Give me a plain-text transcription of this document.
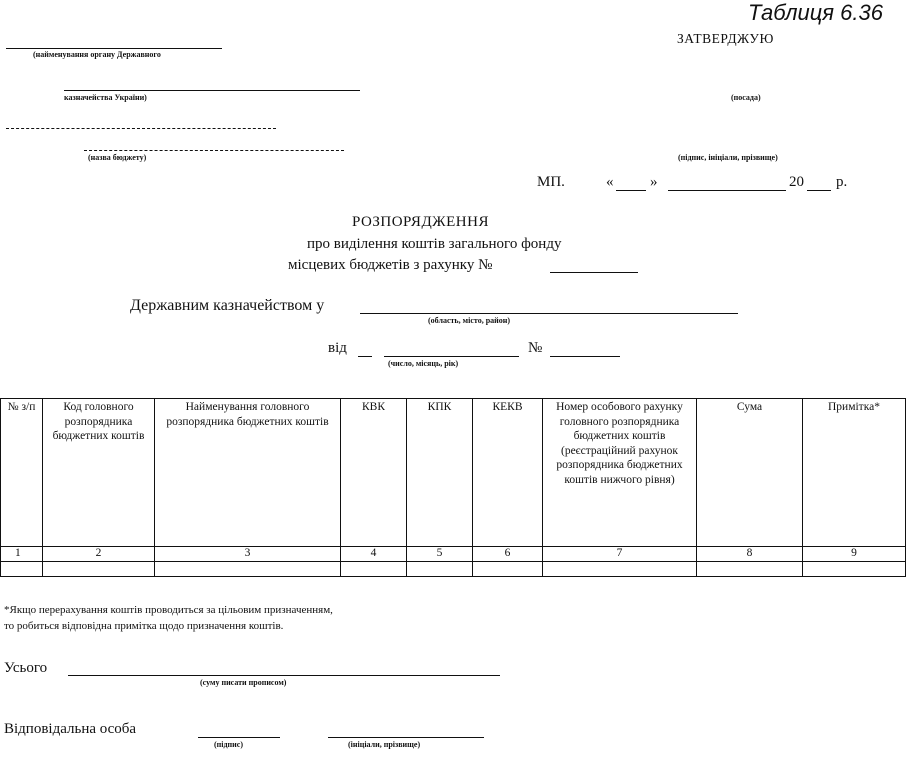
Таблиця 6.36
ЗАТВЕРДЖУЮ
(найменування органу Державного
казначейства України)
(назва бюджету)
(посада)
(підпис, ініціали, прізвище)
МП.	« »	20 р.
РОЗПОРЯДЖЕННЯ
про виділення коштів загального фонду
місцевих бюджетів з рахунку №
Державним казначейством у
(область, місто, район)
від
(число, місяць, рік)
№
№ з/п	Код головного розпорядника бюджетних коштів	Найменування головного розпорядника бюджетних коштів	КВК	КПК	КЕКВ	Номер особового рахунку головного розпорядника бюджетних коштів (реєстраційний рахунок розпорядника бюджетних коштів нижчого рівня)	Сума	Примітка*
1	2	3	4	5	6	7	8	9

*Якщо перерахування коштів проводиться за цільовим призначенням,
то робиться відповідна примітка щодо призначення коштів.
Усього
(суму писати прописом)
Відповідальна особа
(підпис)	(ініціали, прізвище)
